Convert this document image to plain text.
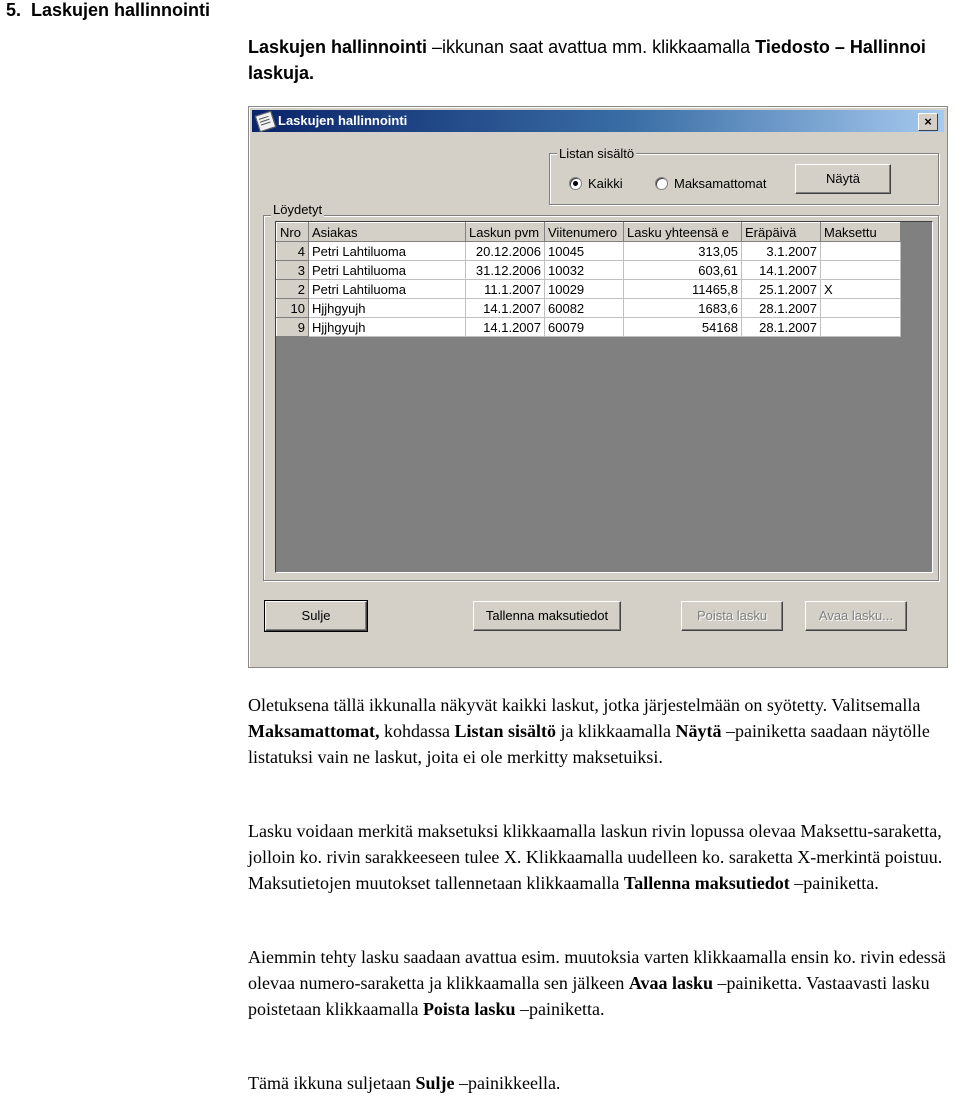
5. Laskujen hallinnointi
Laskujen hallinnointi –ikkunan saat avattua mm. klikkaamalla Tiedosto – Hallinnoi laskuja.
Laskujen hallinnointi	×
Listan sisältö
Kaikki	Maksamattomat	Näytä
Löydetyt
Nro	Asiakas	Laskun pvm	Viitenumero	Lasku yhteensä e	Eräpäivä	Maksettu
4	Petri Lahtiluoma	20.12.2006	10045	313,05	3.1.2007	
3	Petri Lahtiluoma	31.12.2006	10032	603,61	14.1.2007	
2	Petri Lahtiluoma	11.1.2007	10029	11465,8	25.1.2007	X
10	Hjjhgyujh	14.1.2007	60082	1683,6	28.1.2007	
9	Hjjhgyujh	14.1.2007	60079	54168	28.1.2007	
Sulje	Tallenna maksutiedot	Poista lasku	Avaa lasku...
Oletuksena tällä ikkunalla näkyvät kaikki laskut, jotka järjestelmään on syötetty. Valitsemalla Maksamattomat, kohdassa Listan sisältö ja klikkaamalla Näytä –painiketta saadaan näytölle listatuksi vain ne laskut, joita ei ole merkitty maksetuiksi.
Lasku voidaan merkitä maksetuksi klikkaamalla laskun rivin lopussa olevaa Maksettu-saraketta, jolloin ko. rivin sarakkeeseen tulee X. Klikkaamalla uudelleen ko. saraketta X-merkintä poistuu. Maksutietojen muutokset tallennetaan klikkaamalla Tallenna maksutiedot –painiketta.
Aiemmin tehty lasku saadaan avattua esim. muutoksia varten klikkaamalla ensin ko. rivin edessä olevaa numero-saraketta ja klikkaamalla sen jälkeen Avaa lasku –painiketta. Vastaavasti lasku poistetaan klikkaamalla Poista lasku –painiketta.
Tämä ikkuna suljetaan Sulje –painikkeella.
